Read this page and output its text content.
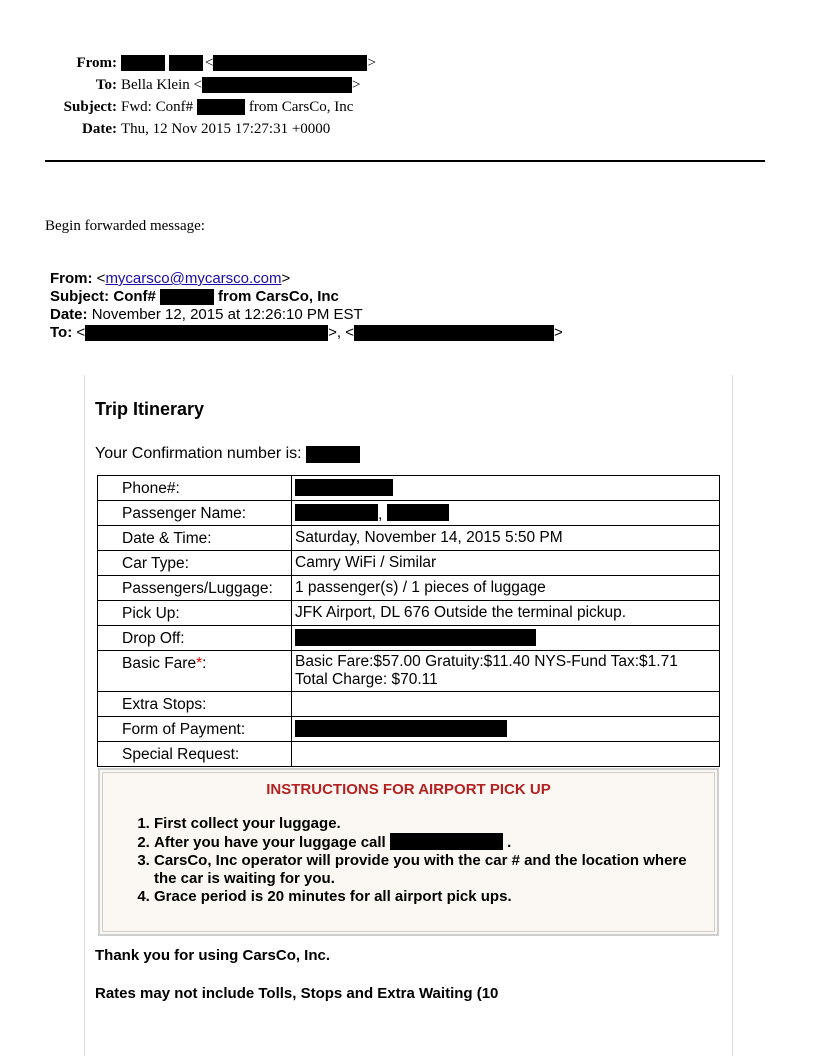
From:	<	>
To: Bella Klein <	>
Subject: Fwd: Conf#
	from CarsCo, Inc
Date: Thu, 12 Nov 2015 17:27:31 +0000
Begin forwarded message:
From: < mycarsco@mycarsco.com >
Subject:
Conf#
	from CarsCo, Inc
Date:
November 12, 2015 at 12:26:10 PM EST
To: <	>, <	>
Trip Itinerary
Your Confirmation number is:

Phone#:	
Passenger Name:	,
Date & Time:	Saturday, November 14, 2015 5:50 PM
Car Type:	Camry WiFi / Similar
Passengers/Luggage:	1 passenger(s) / 1 pieces of luggage
Pick Up:	JFK Airport, DL 676 Outside the terminal pickup.
Drop Off:	
Basic Fare*:	Basic Fare:$57.00 Gratuity:$11.40 NYS-Fund Tax:$1.71
Total Charge: $70.11

Extra Stops:	
Form of Payment:	
Special Request:	
INSTRUCTIONS FOR AIRPORT PICK UP
1. First collect your luggage.
2. After you have your luggage call	.
3. CarsCo, Inc operator will provide you with the car # and the location where the car is waiting for you.
4. Grace period is 20 minutes for all airport pick ups.
Thank you for using CarsCo, Inc.
Rates may not include Tolls, Stops and Extra Waiting (10
